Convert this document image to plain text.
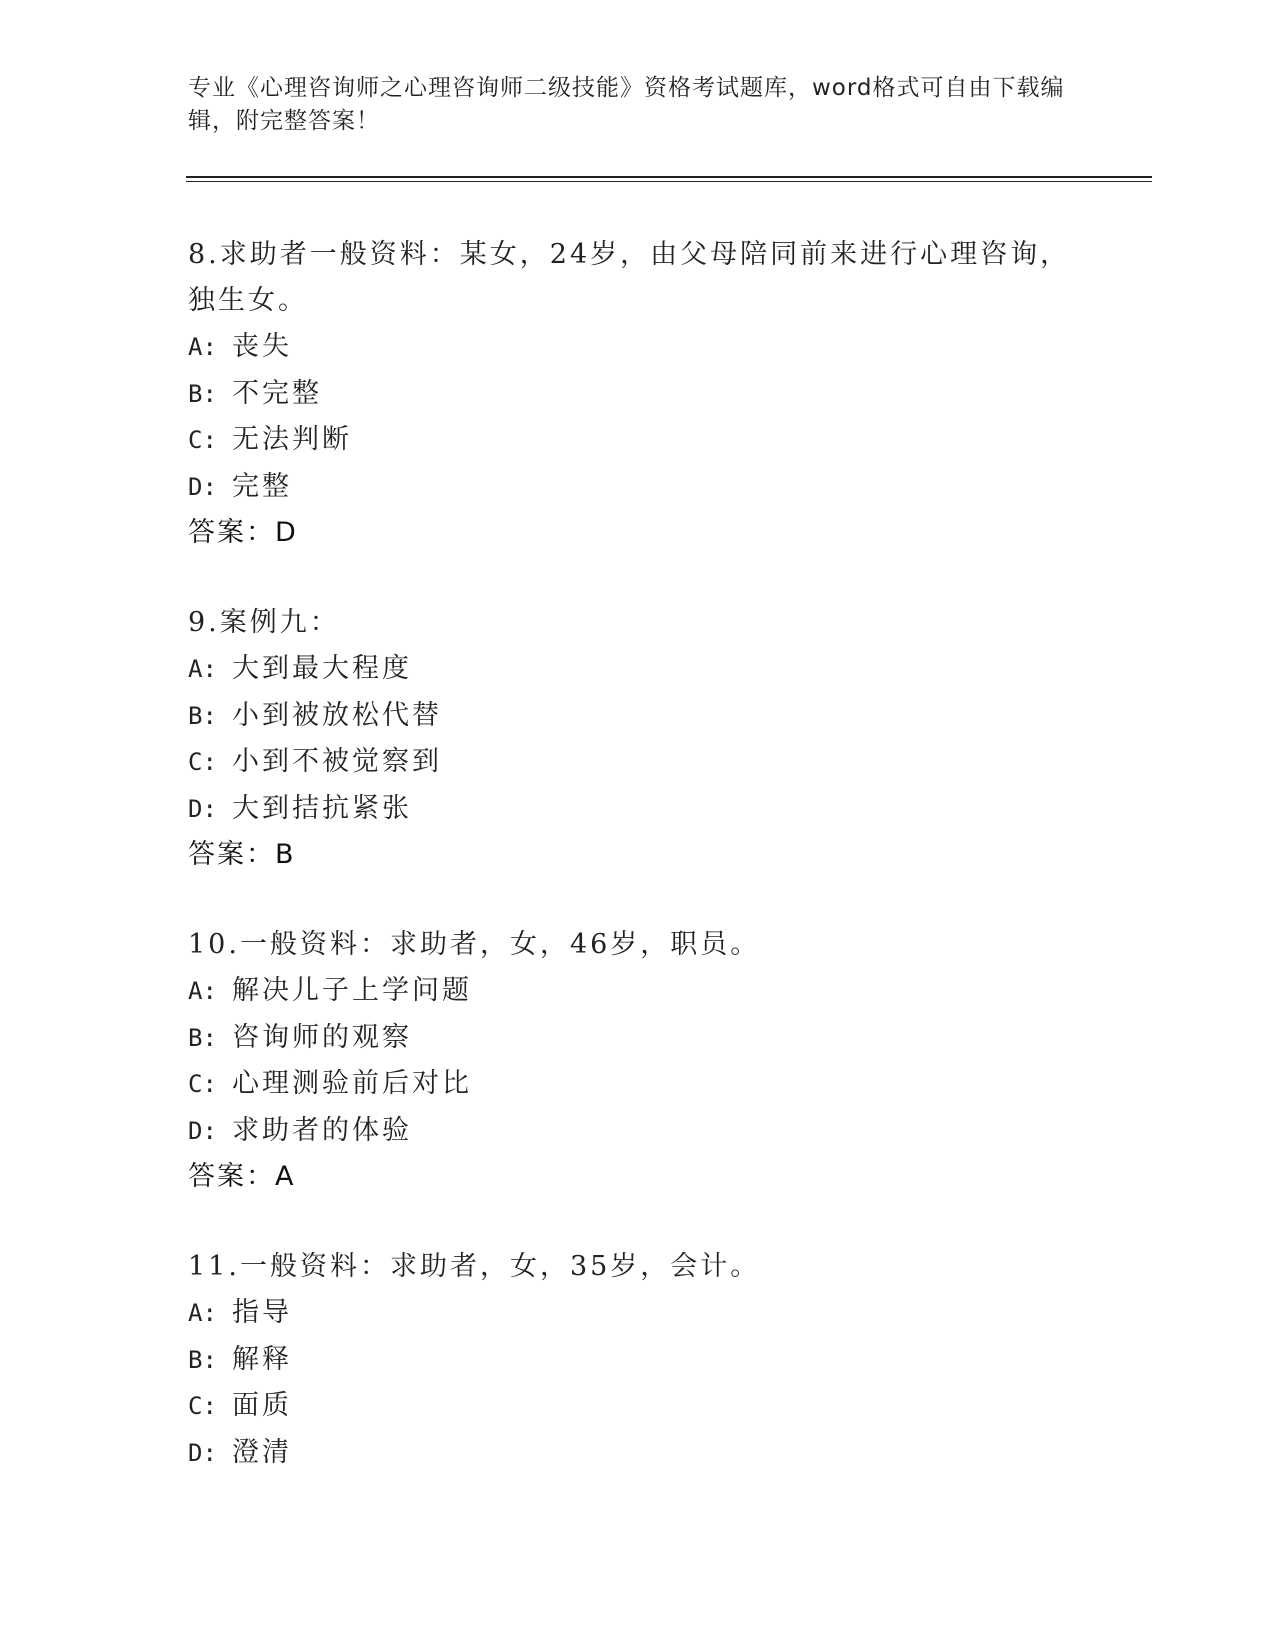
专业《心理咨询师之心理咨询师二级技能》资格考试题库，word格式可自由下载编辑，附完整答案！

8.求助者一般资料：某女，24岁，由父母陪同前来进行心理咨询，独生女。

A: 丧失

B: 不完整

C: 无法判断

D: 完整

答案：D

9.案例九：

A: 大到最大程度

B: 小到被放松代替

C: 小到不被觉察到

D: 大到拮抗紧张

答案：B

10.一般资料：求助者，女，46岁，职员。

A: 解决儿子上学问题

B: 咨询师的观察

C: 心理测验前后对比

D: 求助者的体验

答案：A

11.一般资料：求助者，女，35岁，会计。

A: 指导

B: 解释

C: 面质

D: 澄清
